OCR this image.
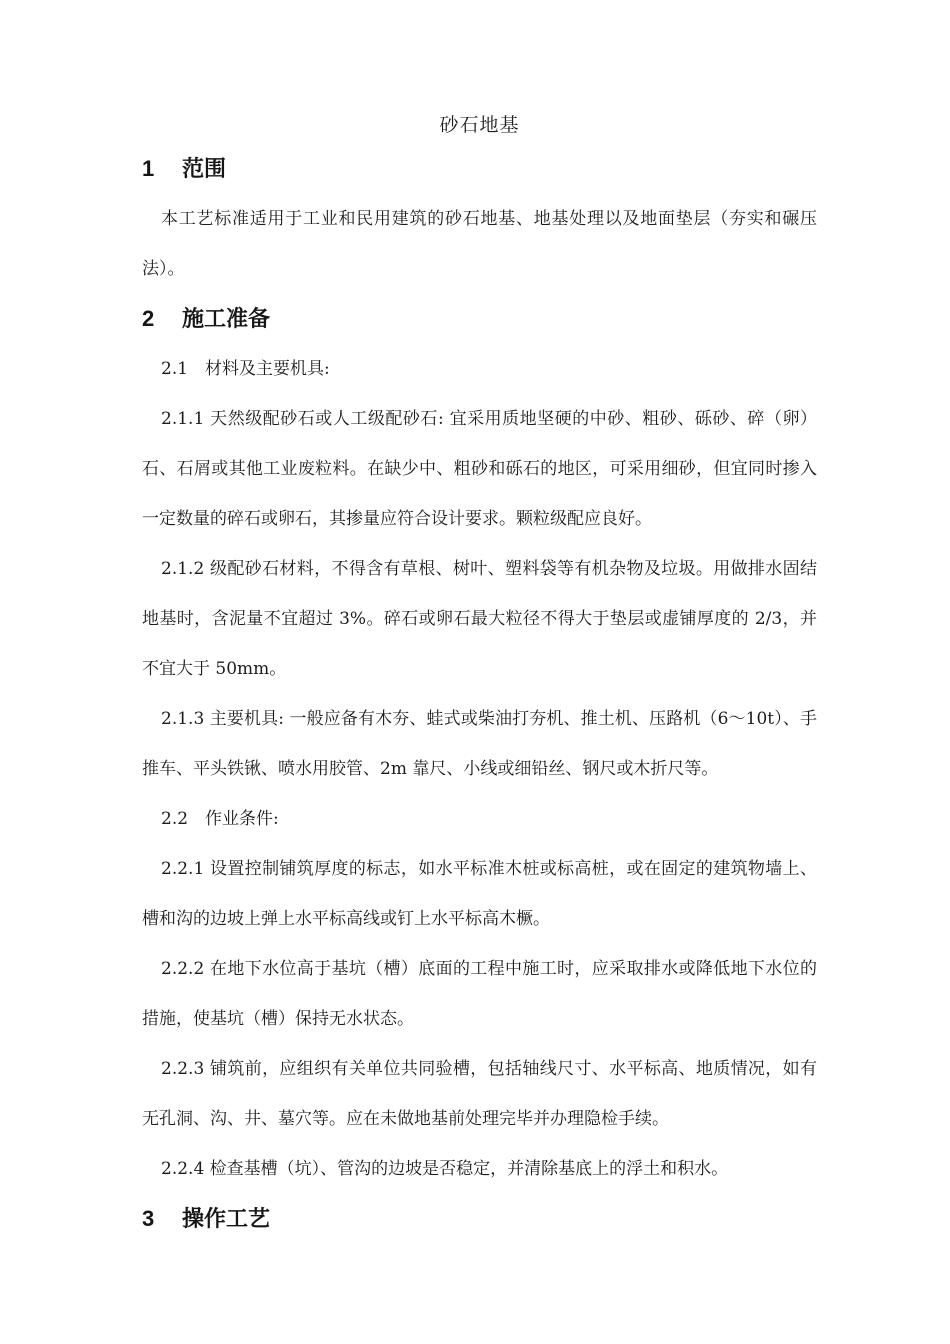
砂石地基
1 范围

本工艺标准适用于工业和民用建筑的砂石地基、地基处理以及地面垫层（夯实和碾压法）。

2 施工准备

2.1　材料及主要机具:

2.1.1 天然级配砂石或人工级配砂石: 宜采用质地坚硬的中砂、粗砂、砾砂、碎（卵）石、石屑或其他工业废粒料。在缺少中、粗砂和砾石的地区，可采用细砂，但宜同时掺入一定数量的碎石或卵石，其掺量应符合设计要求。颗粒级配应良好。

2.1.2 级配砂石材料，不得含有草根、树叶、塑料袋等有机杂物及垃圾。用做排水固结地基时，含泥量不宜超过 3%。碎石或卵石最大粒径不得大于垫层或虚铺厚度的 2/3，并不宜大于 50mm。

2.1.3 主要机具: 一般应备有木夯、蛙式或柴油打夯机、推土机、压路机（6～10t）、手推车、平头铁锹、喷水用胶管、2m 靠尺、小线或细铅丝、钢尺或木折尺等。

2.2　作业条件:

2.2.1 设置控制铺筑厚度的标志，如水平标准木桩或标高桩，或在固定的建筑物墙上、槽和沟的边坡上弹上水平标高线或钉上水平标高木橛。

2.2.2 在地下水位高于基坑（槽）底面的工程中施工时，应采取排水或降低地下水位的措施，使基坑（槽）保持无水状态。

2.2.3 铺筑前，应组织有关单位共同验槽，包括轴线尺寸、水平标高、地质情况，如有无孔洞、沟、井、墓穴等。应在未做地基前处理完毕并办理隐检手续。

2.2.4 检查基槽（坑）、管沟的边坡是否稳定，并清除基底上的浮土和积水。

3 操作工艺
